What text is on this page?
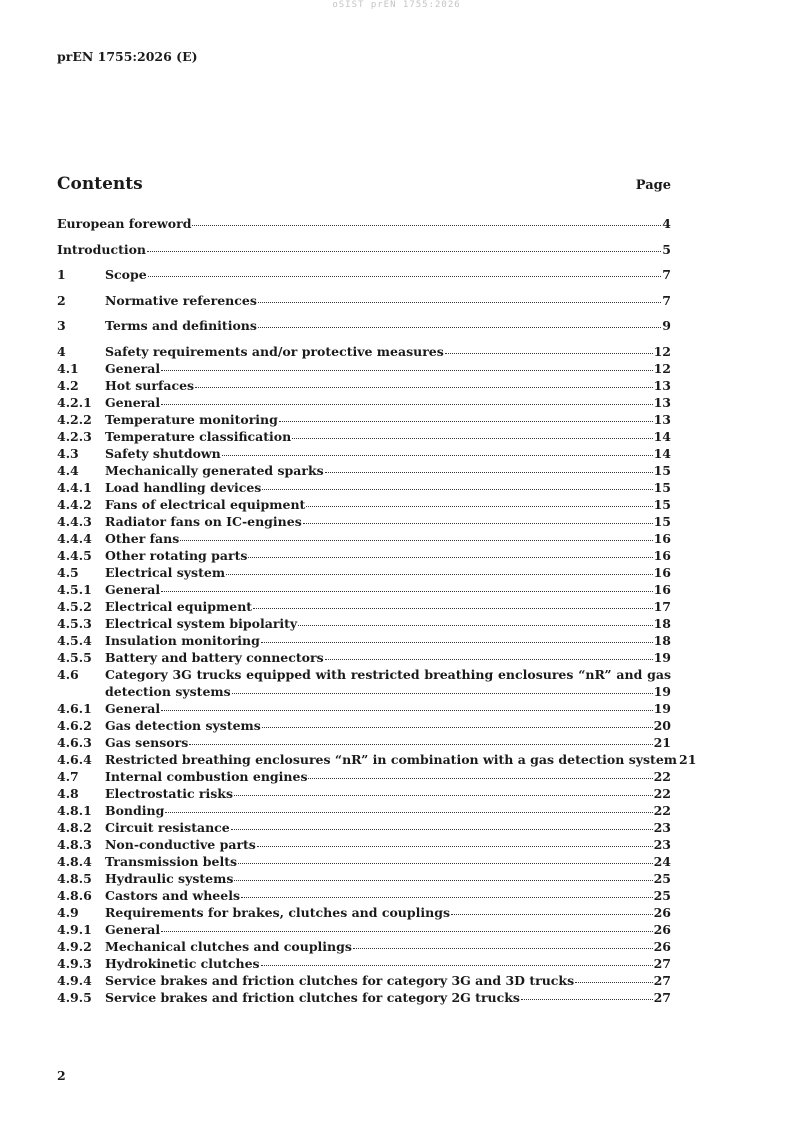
oSIST prEN 1755:2026
prEN 1755:2026 (E)
Contents	Page
European foreword	4
Introduction	5
1	Scope	7
2	Normative references	7
3	Terms and definitions	9
4	Safety requirements and/or protective measures	12
4.1	General	12
4.2	Hot surfaces	13
4.2.1	General	13
4.2.2	Temperature monitoring	13
4.2.3	Temperature classification	14
4.3	Safety shutdown	14
4.4	Mechanically generated sparks	15
4.4.1	Load handling devices	15
4.4.2	Fans of electrical equipment	15
4.4.3	Radiator fans on IC-engines	15
4.4.4	Other fans	16
4.4.5	Other rotating parts	16
4.5	Electrical system	16
4.5.1	General	16
4.5.2	Electrical equipment	17
4.5.3	Electrical system bipolarity	18
4.5.4	Insulation monitoring	18
4.5.5	Battery and battery connectors	19
4.6	Category 3G trucks equipped with restricted breathing enclosures “nR” and gas
detection systems	19
4.6.1	General	19
4.6.2	Gas detection systems	20
4.6.3	Gas sensors	21
4.6.4	Restricted breathing enclosures “nR” in combination with a gas detection system 21
4.7	Internal combustion engines	22
4.8	Electrostatic risks	22
4.8.1	Bonding	22
4.8.2	Circuit resistance	23
4.8.3	Non-conductive parts	23
4.8.4	Transmission belts	24
4.8.5	Hydraulic systems	25
4.8.6	Castors and wheels	25
4.9	Requirements for brakes, clutches and couplings	26
4.9.1	General	26
4.9.2	Mechanical clutches and couplings	26
4.9.3	Hydrokinetic clutches	27
4.9.4	Service brakes and friction clutches for category 3G and 3D trucks	27
4.9.5	Service brakes and friction clutches for category 2G trucks	27
2
